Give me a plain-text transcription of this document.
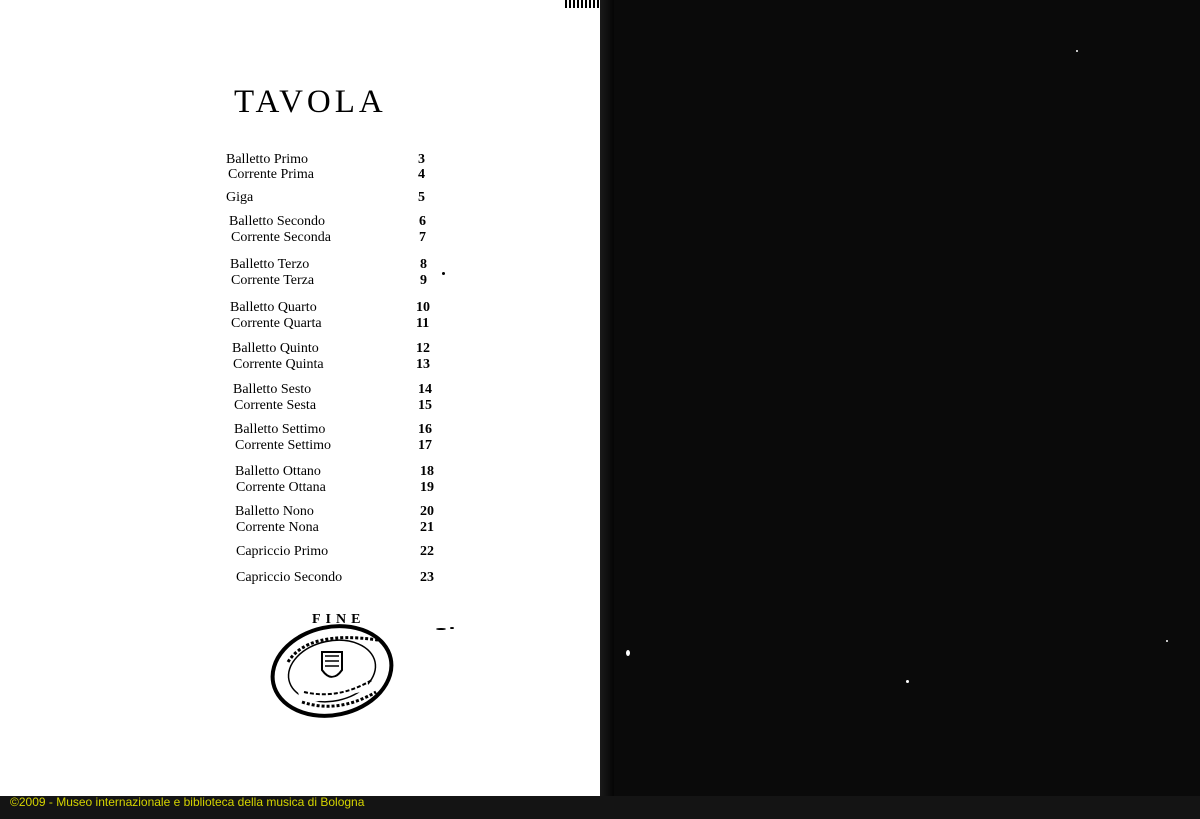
TAVOLA
Balletto Primo	3
Corrente Prima	4
Giga	5
Balletto Secondo	6
Corrente Seconda	7
Balletto Terzo	8
Corrente Terza	9
Balletto Quarto	10
Corrente Quarta	11
Balletto Quinto	12
Corrente Quinta	13
Balletto Sesto	14
Corrente Sesta	15
Balletto Settimo	16
Corrente Settimo	17
Balletto Ottano	18
Corrente Ottana	19
Balletto Nono	20
Corrente Nona	21
Capriccio Primo	22
Capriccio Secondo	23
FINE
©2009 - Museo internazionale e biblioteca della musica di Bologna
